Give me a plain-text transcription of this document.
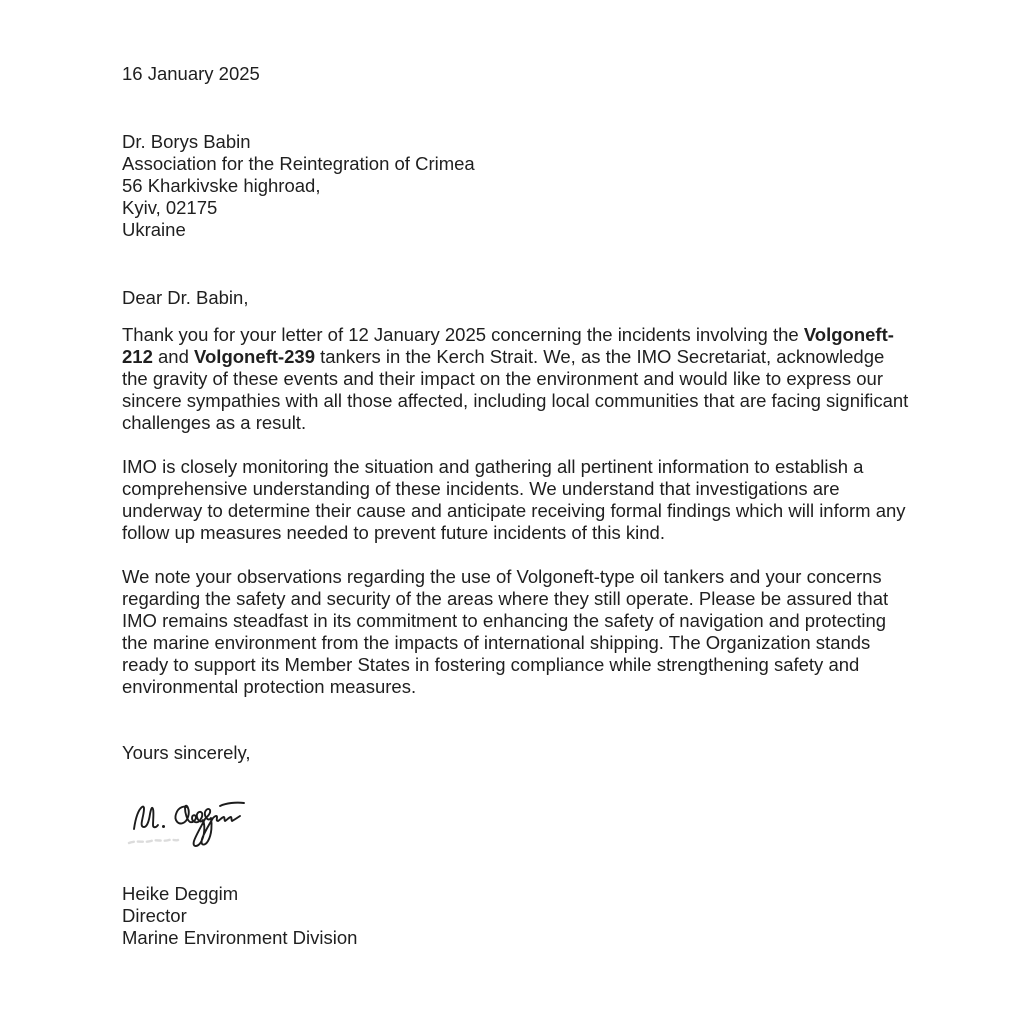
16 January 2025
Dr. Borys Babin
Association for the Reintegration of Crimea
56 Kharkivske highroad,
Kyiv, 02175
Ukraine
Dear Dr. Babin,

Thank you for your letter of 12 January 2025 concerning the incidents involving the Volgoneft-212 and Volgoneft-239 tankers in the Kerch Strait. We, as the IMO Secretariat, acknowledge the gravity of these events and their impact on the environment and would like to express our sincere sympathies with all those affected, including local communities that are facing significant challenges as a result.

IMO is closely monitoring the situation and gathering all pertinent information to establish a comprehensive understanding of these incidents. We understand that investigations are underway to determine their cause and anticipate receiving formal findings which will inform any follow up measures needed to prevent future incidents of this kind.

We note your observations regarding the use of Volgoneft-type oil tankers and your concerns regarding the safety and security of the areas where they still operate. Please be assured that IMO remains steadfast in its commitment to enhancing the safety of navigation and protecting the marine environment from the impacts of international shipping. The Organization stands ready to support its Member States in fostering compliance while strengthening safety and environmental protection measures.

Yours sincerely,
Heike Deggim
Director
Marine Environment Division
